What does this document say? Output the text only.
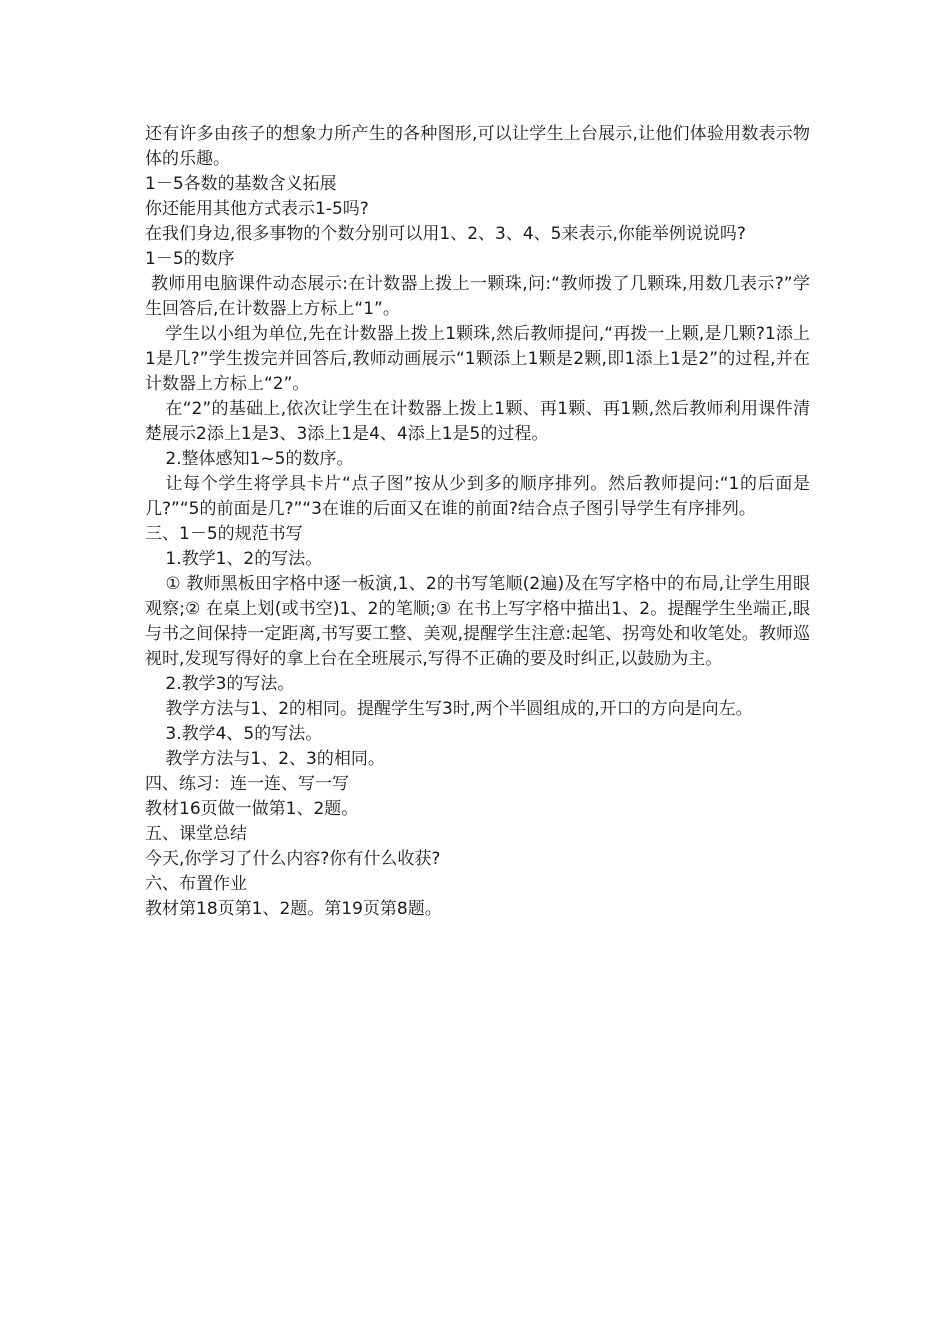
还有许多由孩子的想象力所产生的各种图形,可以让学生上台展示,让他们体验用数表示物体的乐趣。

1－5各数的基数含义拓展

你还能用其他方式表示1-5吗?

在我们身边,很多事物的个数分别可以用1、2、3、4、5来表示,你能举例说说吗?

1－5的数序

教师用电脑课件动态展示:在计数器上拨上一颗珠,问:“教师拨了几颗珠,用数几表示?”学生回答后,在计数器上方标上“1”。

学生以小组为单位,先在计数器上拨上1颗珠,然后教师提问,“再拨一上颗,是几颗?1添上1是几?”学生拨完并回答后,教师动画展示“1颗添上1颗是2颗,即1添上1是2”的过程,并在计数器上方标上“2”。

在“2”的基础上,依次让学生在计数器上拨上1颗、再1颗、再1颗,然后教师利用课件清楚展示2添上1是3、3添上1是4、4添上1是5的过程。

2.整体感知1~5的数序。

让每个学生将学具卡片“点子图”按从少到多的顺序排列。然后教师提问:“1的后面是几?”“5的前面是几?”“3在谁的后面又在谁的前面?结合点子图引导学生有序排列。

三、1－5的规范书写

1.教学1、2的写法。

① 教师黑板田字格中逐一板演,1、2的书写笔顺(2遍)及在写字格中的布局,让学生用眼观察;② 在桌上划(或书空)1、2的笔顺;③ 在书上写字格中描出1、2。提醒学生坐端正,眼与书之间保持一定距离,书写要工整、美观,提醒学生注意:起笔、拐弯处和收笔处。教师巡视时,发现写得好的拿上台在全班展示,写得不正确的要及时纠正,以鼓励为主。

2.教学3的写法。

教学方法与1、2的相同。提醒学生写3时,两个半圆组成的,开口的方向是向左。

3.教学4、5的写法。

教学方法与1、2、3的相同。

四、练习：连一连、写一写

教材16页做一做第1、2题。

五、课堂总结

今天,你学习了什么内容?你有什么收获?

六、布置作业

教材第18页第1、2题。第19页第8题。
